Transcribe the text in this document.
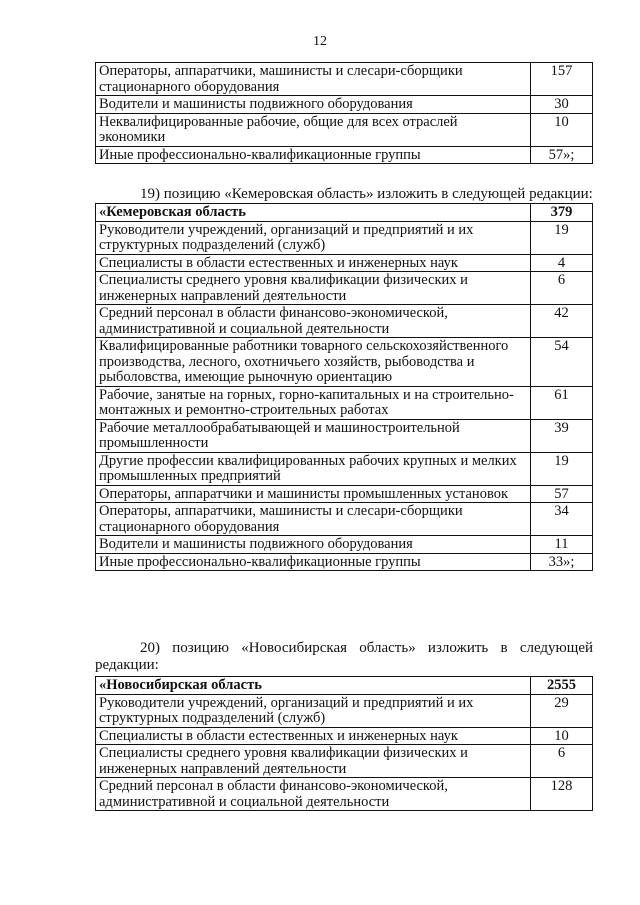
12
Операторы, аппаратчики, машинисты и слесари-сборщики стационарного оборудования	157
Водители и машинисты подвижного оборудования	30
Неквалифицированные рабочие, общие для всех отраслей экономики	10
Иные профессионально-квалификационные группы	57»;
19) позицию «Кемеровская область» изложить в следующей редакции:
«Кемеровская область	379
Руководители учреждений, организаций и предприятий и их структурных подразделений (служб)	19
Специалисты в области естественных и инженерных наук	4
Специалисты среднего уровня квалификации физических и инженерных направлений деятельности	6
Средний персонал в области финансово-экономической, административной и социальной деятельности	42
Квалифицированные работники товарного сельскохозяйственного производства, лесного, охотничьего хозяйств, рыбоводства и рыболовства, имеющие рыночную ориентацию	54
Рабочие, занятые на горных, горно-капитальных и на строительно-монтажных и ремонтно-строительных работах	61
Рабочие металлообрабатывающей и машиностроительной промышленности	39
Другие профессии квалифицированных рабочих крупных и мелких промышленных предприятий	19
Операторы, аппаратчики и машинисты промышленных установок	57
Операторы, аппаратчики, машинисты и слесари-сборщики стационарного оборудования	34
Водители и машинисты подвижного оборудования	11
Иные профессионально-квалификационные группы	33»;
20) позицию «Новосибирская область» изложить в следующей
редакции:
«Новосибирская область	2555
Руководители учреждений, организаций и предприятий и их структурных подразделений (служб)	29
Специалисты в области естественных и инженерных наук	10
Специалисты среднего уровня квалификации физических и инженерных направлений деятельности	6
Средний персонал в области финансово-экономической, административной и социальной деятельности	128
